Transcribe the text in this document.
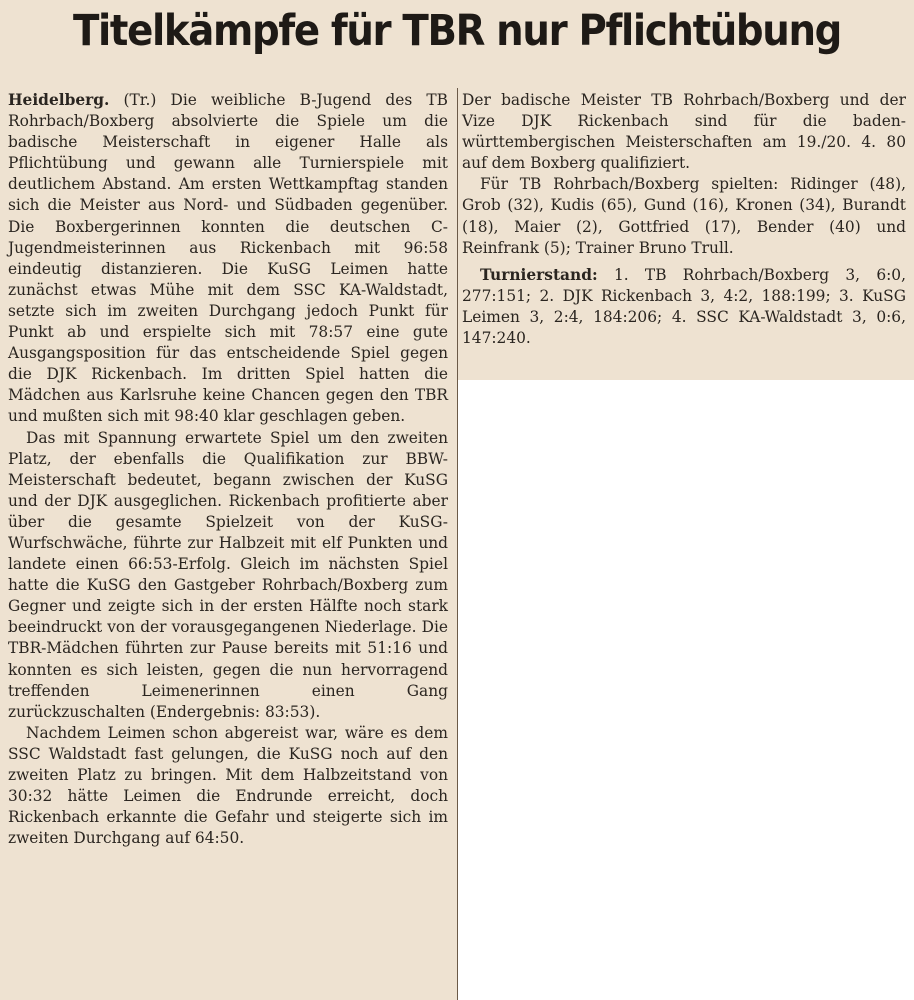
Titelkämpfe für TBR nur Pflichtübung

Heidelberg. (Tr.) Die weibliche B-Jugend des TB Rohrbach/Boxberg absolvierte die Spiele um die badische Meisterschaft in eigener Halle als Pflichtübung und gewann alle Turnierspiele mit deutlichem Abstand. Am ersten Wettkampftag standen sich die Meister aus Nord- und Südbaden gegenüber. Die Boxbergerinnen konnten die deutschen C-Jugendmeisterinnen aus Rickenbach mit 96:58 eindeutig distanzieren. Die KuSG Leimen hatte zunächst etwas Mühe mit dem SSC KA-Waldstadt, setzte sich im zweiten Durchgang jedoch Punkt für Punkt ab und erspielte sich mit 78:57 eine gute Ausgangsposition für das entscheidende Spiel gegen die DJK Rickenbach. Im dritten Spiel hatten die Mädchen aus Karlsruhe keine Chancen gegen den TBR und mußten sich mit 98:40 klar geschlagen geben.

Das mit Spannung erwartete Spiel um den zweiten Platz, der ebenfalls die Qualifikation zur BBW-Meisterschaft bedeutet, begann zwischen der KuSG und der DJK ausgeglichen. Rickenbach profitierte aber über die gesamte Spielzeit von der KuSG-Wurfschwäche, führte zur Halbzeit mit elf Punkten und landete einen 66:53-Erfolg. Gleich im nächsten Spiel hatte die KuSG den Gastgeber Rohrbach/Boxberg zum Gegner und zeigte sich in der ersten Hälfte noch stark beeindruckt von der vorausgegangenen Niederlage. Die TBR-Mädchen führten zur Pause bereits mit 51:16 und konnten es sich leisten, gegen die nun hervorragend treffenden Leimenerinnen einen Gang zurückzuschalten (Endergebnis: 83:53).

Nachdem Leimen schon abgereist war, wäre es dem SSC Waldstadt fast gelungen, die KuSG noch auf den zweiten Platz zu bringen. Mit dem Halbzeitstand von 30:32 hätte Leimen die Endrunde erreicht, doch Rickenbach erkannte die Gefahr und steigerte sich im zweiten Durchgang auf 64:50.

Der badische Meister TB Rohrbach/Boxberg und der Vize DJK Rickenbach sind für die baden-württembergischen Meisterschaften am 19./20. 4. 80 auf dem Boxberg qualifiziert.

Für TB Rohrbach/Boxberg spielten: Ridinger (48), Grob (32), Kudis (65), Gund (16), Kronen (34), Burandt (18), Maier (2), Gottfried (17), Bender (40) und Reinfrank (5); Trainer Bruno Trull.

Turnierstand: 1. TB Rohrbach/Boxberg 3, 6:0, 277:151; 2. DJK Rickenbach 3, 4:2, 188:199; 3. KuSG Leimen 3, 2:4, 184:206; 4. SSC KA-Waldstadt 3, 0:6, 147:240.
